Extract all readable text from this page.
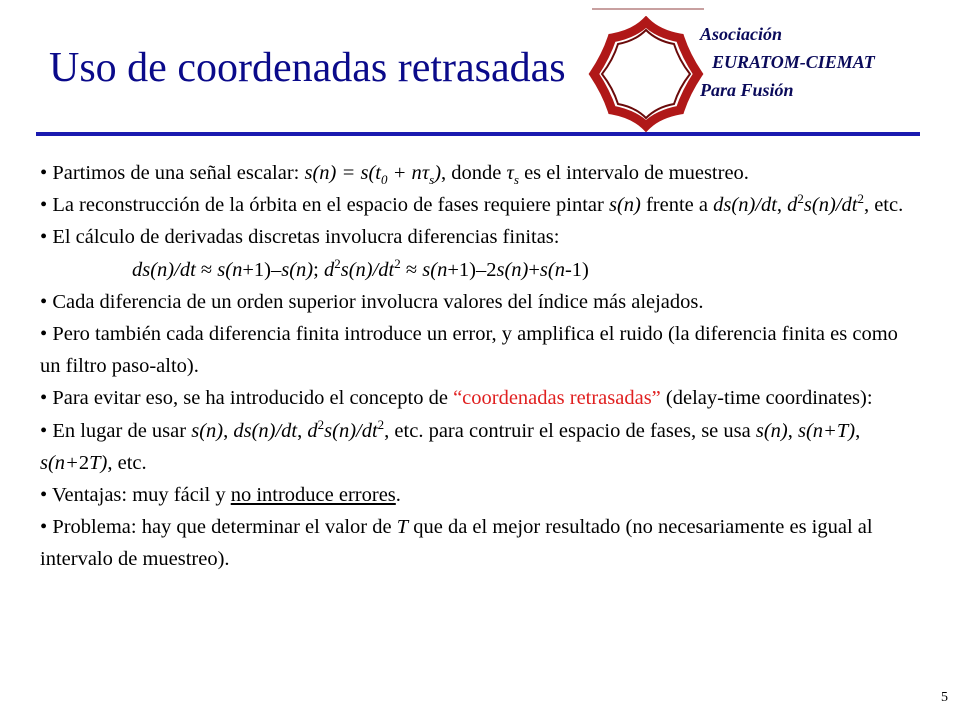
Uso de coordenadas retrasadas
Asociación
EURATOM-CIEMAT
Para Fusión

• Partimos de una señal escalar: $s(n) = s(t_0 + n\tau_s)$, donde $\tau_s$ es el intervalo de muestreo.

• La reconstrucción de la órbita en el espacio de fases requiere pintar s(n) frente a ds(n)/dt, $d^2s(n)/dt^2$, etc.

• El cálculo de derivadas discretas involucra diferencias finitas:

ds(n)/dt ≈ s(n+1)–s(n); $d^2s(n)/dt^2 \approx s(n+1)-2s(n)+s(n-1)$

• Cada diferencia de un orden superior involucra valores del índice más alejados.

• Pero también cada diferencia finita introduce un error, y amplifica el ruido (la diferencia finita es como un filtro paso-alto).

• Para evitar eso, se ha introducido el concepto de “coordenadas retrasadas” (delay-time coordinates):

• En lugar de usar s(n), ds(n)/dt, $d^2s(n)/dt^2$, etc. para contruir el espacio de fases, se usa s(n), s(n+T), s(n+2T), etc.

• Ventajas: muy fácil y no introduce errores.

• Problema: hay que determinar el valor de T que da el mejor resultado (no necesariamente es igual al intervalo de muestreo).

5
